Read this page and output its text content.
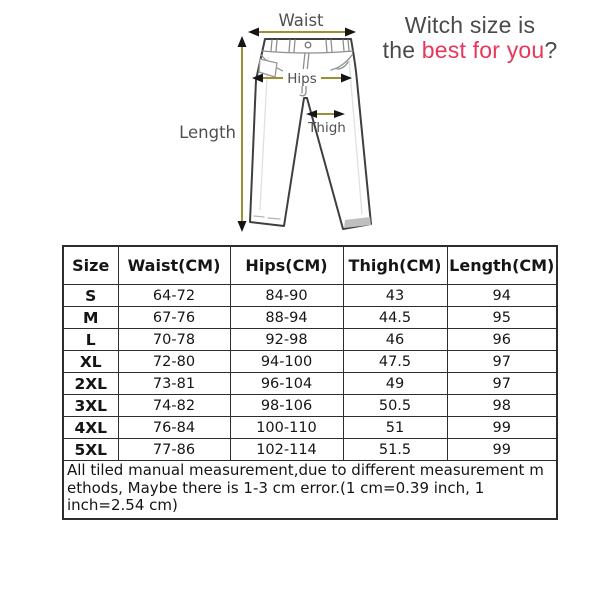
Waist
Length
Hips
Thigh
Witch size is
the best for you?
Size	Waist(CM)	Hips(CM)	Thigh(CM)	Length(CM)
S	64-72	84-90	43	94
M	67-76	88-94	44.5	95
L	70-78	92-98	46	96
XL	72-80	94-100	47.5	97
2XL	73-81	96-104	49	97
3XL	74-82	98-106	50.5	98
4XL	76-84	100-110	51	99
5XL	77-86	102-114	51.5	99

All tiled manual measurement,due to different measurement m
ethods, Maybe there is 1-3 cm error.(1 cm=0.39 inch, 1
inch=2.54 cm)				
